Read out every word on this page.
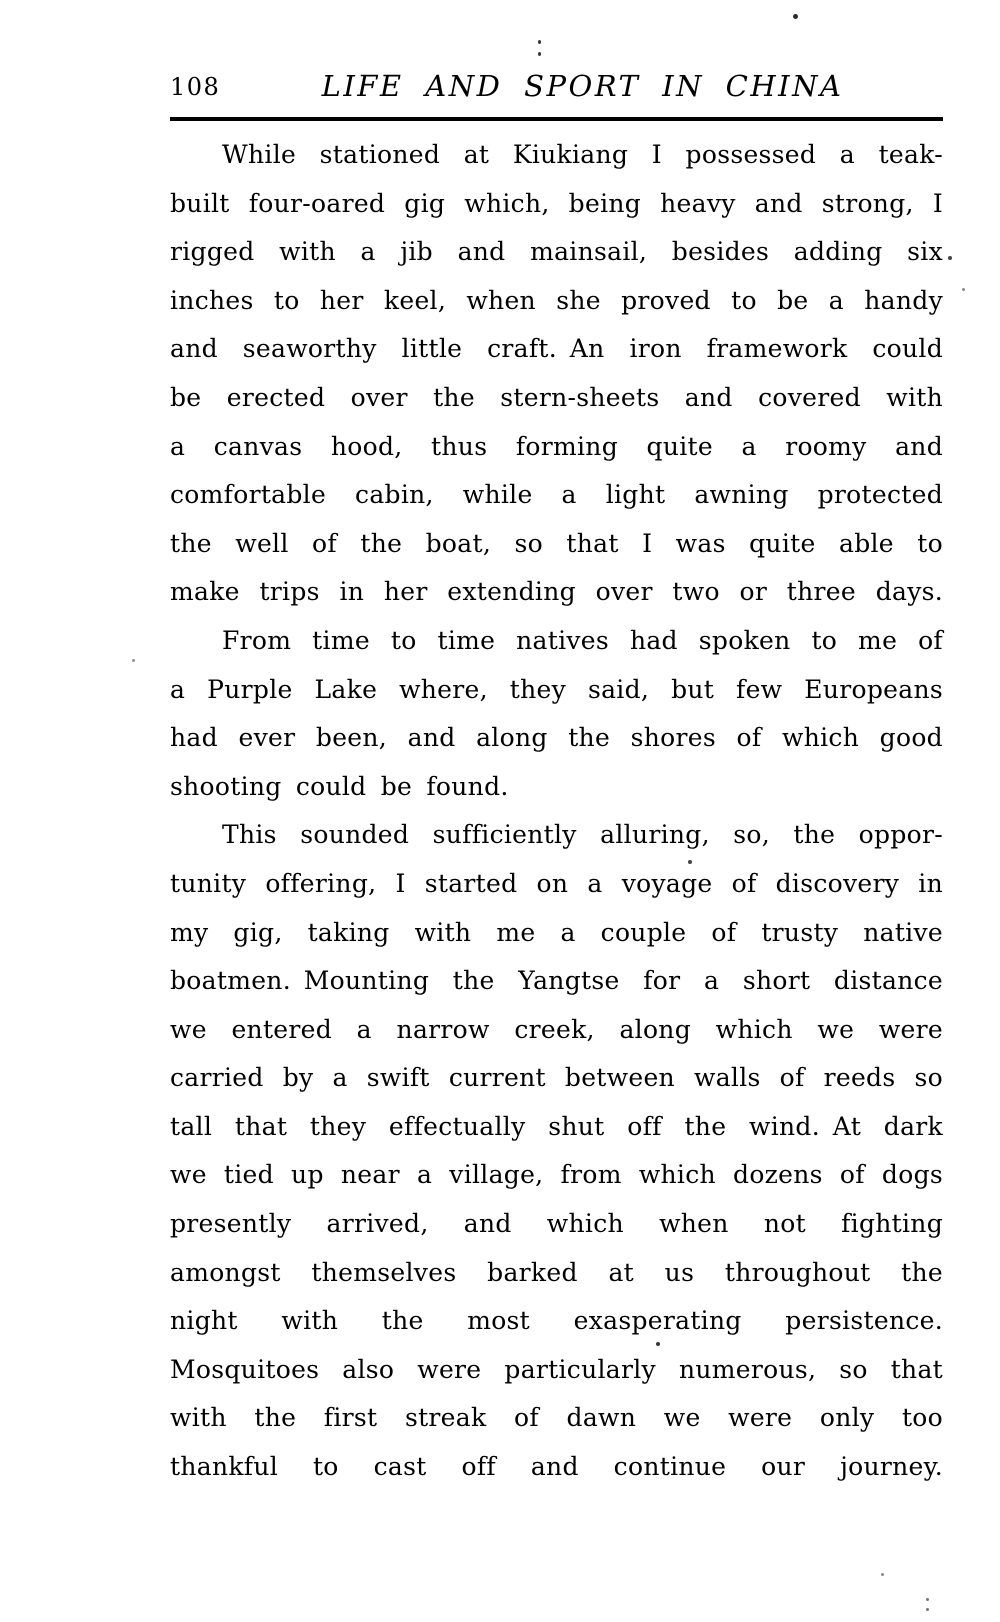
108	LIFE AND SPORT IN CHINA
While stationed at Kiukiang I possessed a teak-
built four-oared gig which, being heavy and strong, I
rigged with a jib and mainsail, besides adding six
inches to her keel, when she proved to be a handy
and seaworthy little craft. An iron framework could
be erected over the stern-sheets and covered with
a canvas hood, thus forming quite a roomy and
comfortable cabin, while a light awning protected
the well of the boat, so that I was quite able to
make trips in her extending over two or three days.
From time to time natives had spoken to me of
a Purple Lake where, they said, but few Europeans
had ever been, and along the shores of which good
shooting could be found.
This sounded sufficiently alluring, so, the oppor-
tunity offering, I started on a voyage of discovery in
my gig, taking with me a couple of trusty native
boatmen. Mounting the Yangtse for a short distance
we entered a narrow creek, along which we were
carried by a swift current between walls of reeds so
tall that they effectually shut off the wind. At dark
we tied up near a village, from which dozens of dogs
presently arrived, and which when not fighting
amongst themselves barked at us throughout the
night with the most exasperating persistence.
Mosquitoes also were particularly numerous, so that
with the first streak of dawn we were only too
thankful to cast off and continue our journey.
